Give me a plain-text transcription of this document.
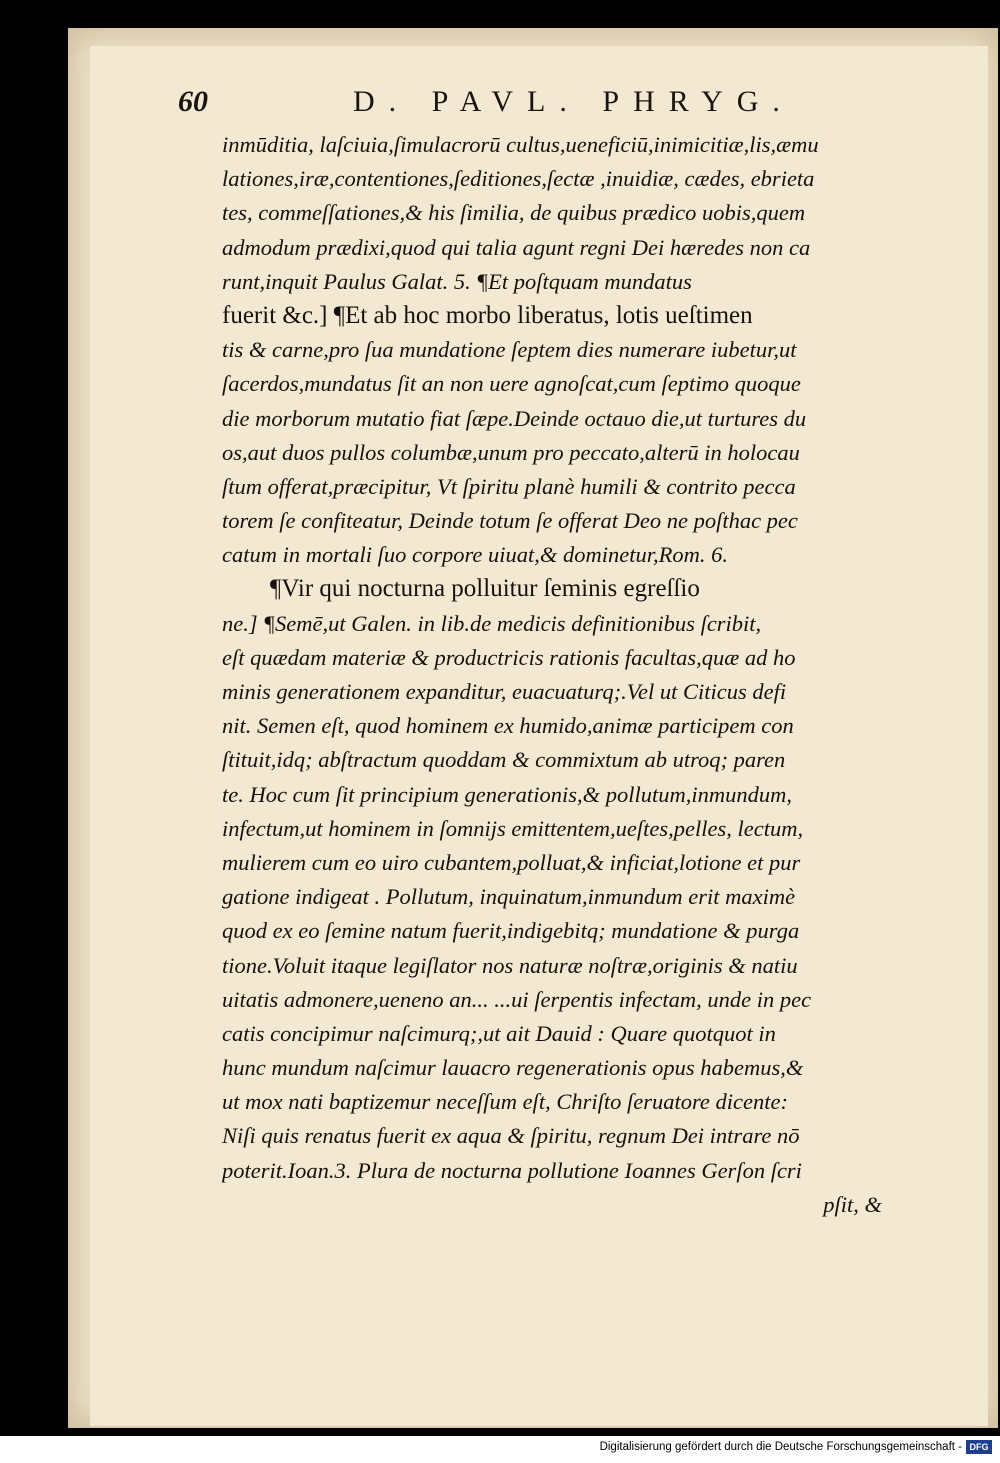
60	D. PAVL. PHRYG.
inmūditia, laſciuia,ſimulacrorū cultus,ueneficiū,inimicitiæ,lis,æmu
lationes,iræ,contentiones,ſeditiones,ſectæ ,inuidiæ, cædes, ebrieta
tes, commeſſationes,& his ſimilia, de quibus prædico uobis,quem
admodum prædixi,quod qui talia agunt regni Dei hæredes non ca
runt,inquit Paulus Galat. 5. ¶Et poſtquam mundatus
fuerit &c.] ¶Et ab hoc morbo liberatus, lotis ueſtimen
tis & carne,pro ſua mundatione ſeptem dies numerare iubetur,ut
ſacerdos,mundatus ſit an non uere agnoſcat,cum ſeptimo quoque
die morborum mutatio fiat ſæpe.Deinde octauo die,ut turtures du
os,aut duos pullos columbæ,unum pro peccato,alterū in holocau
ſtum offerat,præcipitur, Vt ſpiritu planè humili & contrito pecca
torem ſe confiteatur, Deinde totum ſe offerat Deo ne poſthac pec
catum in mortali ſuo corpore uiuat,& dominetur,Rom. 6.
¶Vir qui nocturna polluitur ſeminis egreſſio
ne.] ¶Semē,ut Galen. in lib.de medicis definitionibus ſcribit,
eſt quædam materiæ & productricis rationis facultas,quæ ad ho
minis generationem expanditur, euacuaturq;.Vel ut Citicus defi
nit. Semen eſt, quod hominem ex humido,animæ participem con
ſtituit,idq; abſtractum quoddam & commixtum ab utroq; paren
te. Hoc cum ſit principium generationis,& pollutum,inmundum,
infectum,ut hominem in ſomnijs emittentem,ueſtes,pelles, lectum,
mulierem cum eo uiro cubantem,polluat,& inficiat,lotione et pur
gatione indigeat . Pollutum, inquinatum,inmundum erit maximè
quod ex eo ſemine natum fuerit,indigebitq; mundatione & purga
tione.Voluit itaque legiſlator nos naturæ noſtræ,originis & natiu
uitatis admonere,ueneno an... ...ui ſerpentis infectam, unde in pec
catis concipimur naſcimurq;,ut ait Dauid : Quare quotquot in
hunc mundum naſcimur lauacro regenerationis opus habemus,&
ut mox nati baptizemur neceſſum eſt, Chriſto ſeruatore dicente:
Niſi quis renatus fuerit ex aqua & ſpiritu, regnum Dei intrare nō
poterit.Ioan.3. Plura de nocturna pollutione Ioannes Gerſon ſcri
pſit, &
Digitalisierung gefördert durch die Deutsche Forschungsgemeinschaft - DFG
